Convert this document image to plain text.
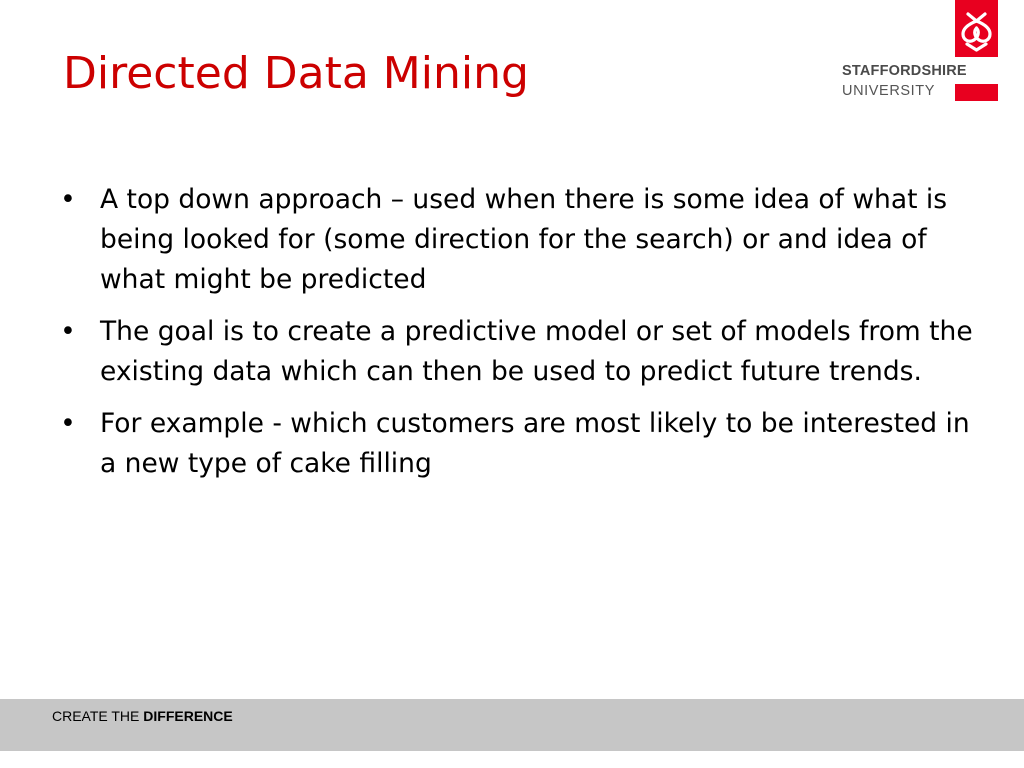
Directed Data Mining	STAFFORDSHIRE
UNIVERSITY
• A top down approach – used when there is some idea of what is being looked for (some direction for the search) or and idea of what might be predicted
• The goal is to create a predictive model or set of models from the existing data which can then be used to predict future trends.
• For example - which customers are most likely to be interested in a new type of cake filling
CREATE THE DIFFERENCE
